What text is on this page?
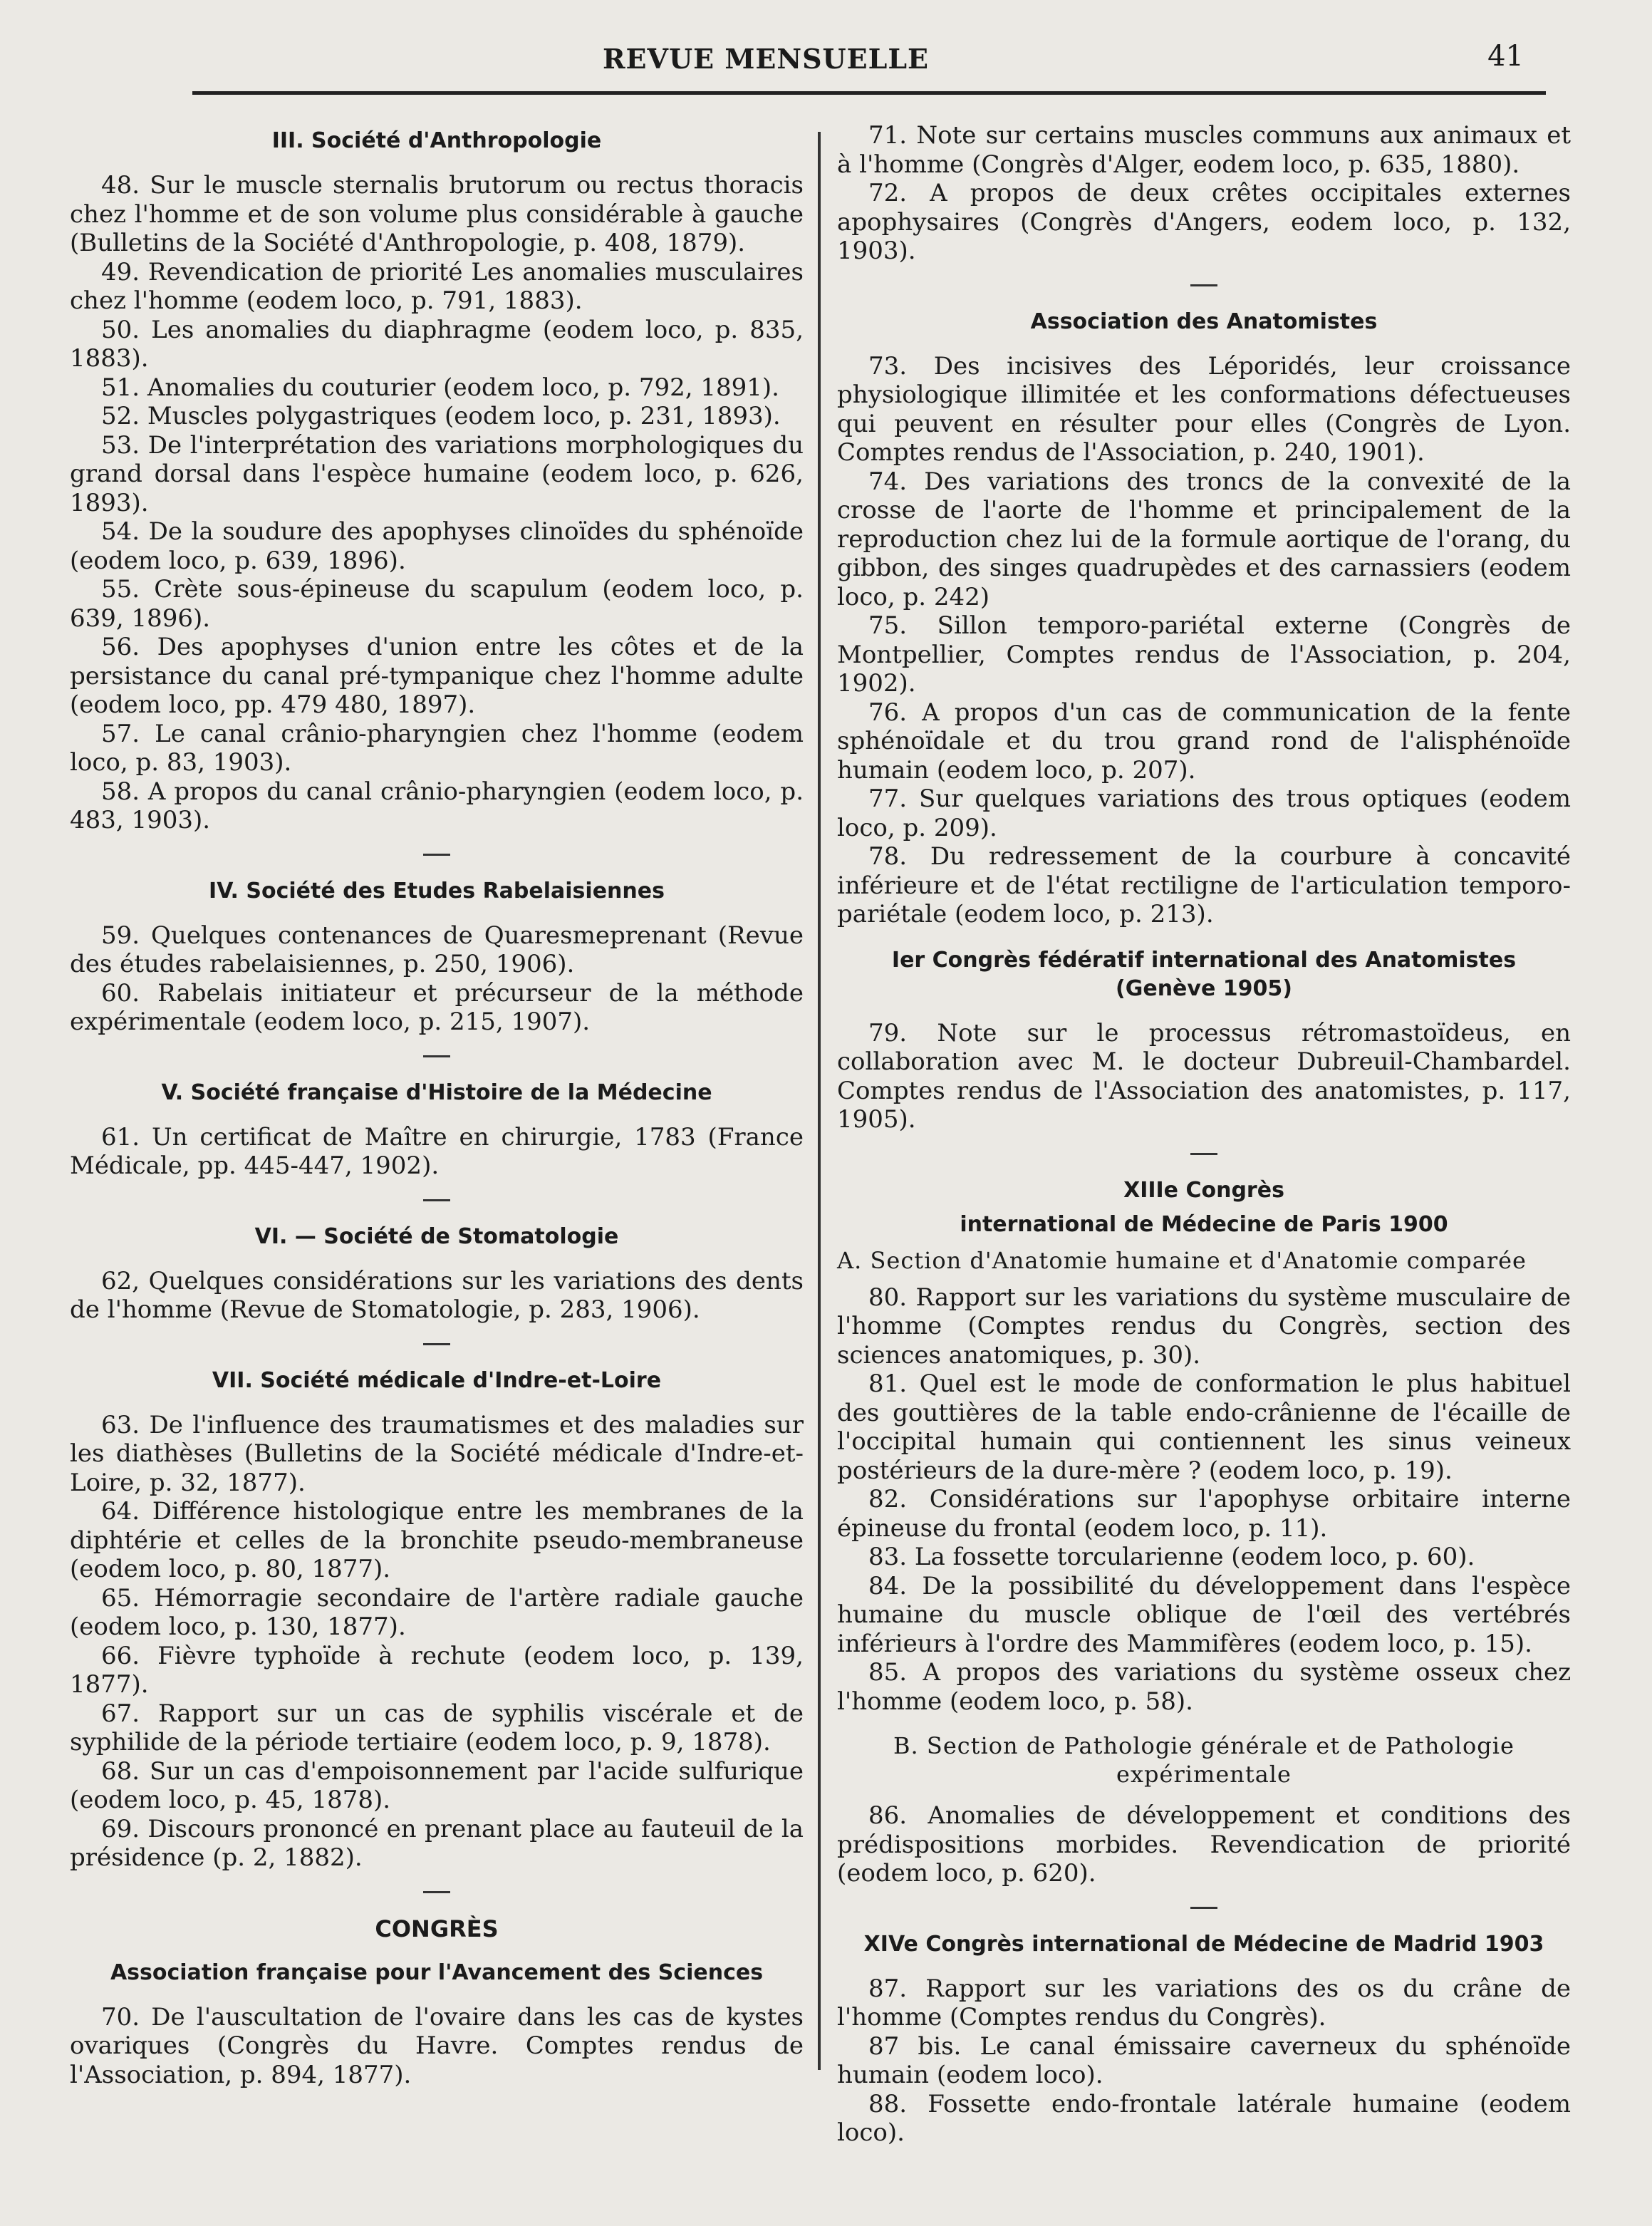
REVUE MENSUELLE	41
III. Société d'Anthropologie

48. Sur le muscle sternalis brutorum ou rectus thoracis chez l'homme et de son volume plus considérable à gauche (Bulletins de la Société d'Anthropologie, p. 408, 1879).

49. Revendication de priorité Les anomalies musculaires chez l'homme (eodem loco, p. 791, 1883).

50. Les anomalies du diaphragme (eodem loco, p. 835, 1883).

51. Anomalies du couturier (eodem loco, p. 792, 1891).

52. Muscles polygastriques (eodem loco, p. 231, 1893).

53. De l'interprétation des variations morphologiques du grand dorsal dans l'espèce humaine (eodem loco, p. 626, 1893).

54. De la soudure des apophyses clinoïdes du sphénoïde (eodem loco, p. 639, 1896).

55. Crète sous-épineuse du scapulum (eodem loco, p. 639, 1896).

56. Des apophyses d'union entre les côtes et de la persistance du canal pré-tympanique chez l'homme adulte (eodem loco, pp. 479 480, 1897).

57. Le canal crânio-pharyngien chez l'homme (eodem loco, p. 83, 1903).

58. A propos du canal crânio-pharyngien (eodem loco, p. 483, 1903).

IV. Société des Etudes Rabelaisiennes

59. Quelques contenances de Quaresmeprenant (Revue des études rabelaisiennes, p. 250, 1906).

60. Rabelais initiateur et précurseur de la méthode expérimentale (eodem loco, p. 215, 1907).

V. Société française d'Histoire de la Médecine

61. Un certificat de Maître en chirurgie, 1783 (France Médicale, pp. 445-447, 1902).

VI. — Société de Stomatologie

62, Quelques considérations sur les variations des dents de l'homme (Revue de Stomatologie, p. 283, 1906).

VII. Société médicale d'Indre-et-Loire

63. De l'influence des traumatismes et des maladies sur les diathèses (Bulletins de la Société médicale d'Indre-et-Loire, p. 32, 1877).

64. Différence histologique entre les membranes de la diphtérie et celles de la bronchite pseudo-membraneuse (eodem loco, p. 80, 1877).

65. Hémorragie secondaire de l'artère radiale gauche (eodem loco, p. 130, 1877).

66. Fièvre typhoïde à rechute (eodem loco, p. 139, 1877).

67. Rapport sur un cas de syphilis viscérale et de syphilide de la période tertiaire (eodem loco, p. 9, 1878).

68. Sur un cas d'empoisonnement par l'acide sulfurique (eodem loco, p. 45, 1878).

69. Discours prononcé en prenant place au fauteuil de la présidence (p. 2, 1882).

CONGRÈS
Association française pour l'Avancement des Sciences

70. De l'auscultation de l'ovaire dans les cas de kystes ovariques (Congrès du Havre. Comptes rendus de l'Association, p. 894, 1877).

71. Note sur certains muscles communs aux animaux et à l'homme (Congrès d'Alger, eodem loco, p. 635, 1880).

72. A propos de deux crêtes occipitales externes apophysaires (Congrès d'Angers, eodem loco, p. 132, 1903).

Association des Anatomistes

73. Des incisives des Léporidés, leur croissance physiologique illimitée et les conformations défectueuses qui peuvent en résulter pour elles (Congrès de Lyon. Comptes rendus de l'Association, p. 240, 1901).

74. Des variations des troncs de la convexité de la crosse de l'aorte de l'homme et principalement de la reproduction chez lui de la formule aortique de l'orang, du gibbon, des singes quadrupèdes et des carnassiers (eodem loco, p. 242)

75. Sillon temporo-pariétal externe (Congrès de Montpellier, Comptes rendus de l'Association, p. 204, 1902).

76. A propos d'un cas de communication de la fente sphénoïdale et du trou grand rond de l'alisphénoïde humain (eodem loco, p. 207).

77. Sur quelques variations des trous optiques (eodem loco, p. 209).

78. Du redressement de la courbure à concavité inférieure et de l'état rectiligne de l'articulation temporo-pariétale (eodem loco, p. 213).

Ier Congrès fédératif international des Anatomistes
(Genève 1905)

79. Note sur le processus rétromastoïdeus, en collaboration avec M. le docteur Dubreuil-Chambardel. Comptes rendus de l'Association des anatomistes, p. 117, 1905).

XIIIe Congrès
international de Médecine de Paris 1900
A. Section d'Anatomie humaine et d'Anatomie comparée

80. Rapport sur les variations du système musculaire de l'homme (Comptes rendus du Congrès, section des sciences anatomiques, p. 30).

81. Quel est le mode de conformation le plus habituel des gouttières de la table endo-crânienne de l'écaille de l'occipital humain qui contiennent les sinus veineux postérieurs de la dure-mère ? (eodem loco, p. 19).

82. Considérations sur l'apophyse orbitaire interne épineuse du frontal (eodem loco, p. 11).

83. La fossette torcularienne (eodem loco, p. 60).

84. De la possibilité du développement dans l'espèce humaine du muscle oblique de l'œil des vertébrés inférieurs à l'ordre des Mammifères (eodem loco, p. 15).

85. A propos des variations du système osseux chez l'homme (eodem loco, p. 58).

B. Section de Pathologie générale et de Pathologie expérimentale

86. Anomalies de développement et conditions des prédispositions morbides. Revendication de priorité (eodem loco, p. 620).

XIVe Congrès international de Médecine de Madrid 1903

87. Rapport sur les variations des os du crâne de l'homme (Comptes rendus du Congrès).

87 bis. Le canal émissaire caverneux du sphénoïde humain (eodem loco).

88. Fossette endo-frontale latérale humaine (eodem loco).
